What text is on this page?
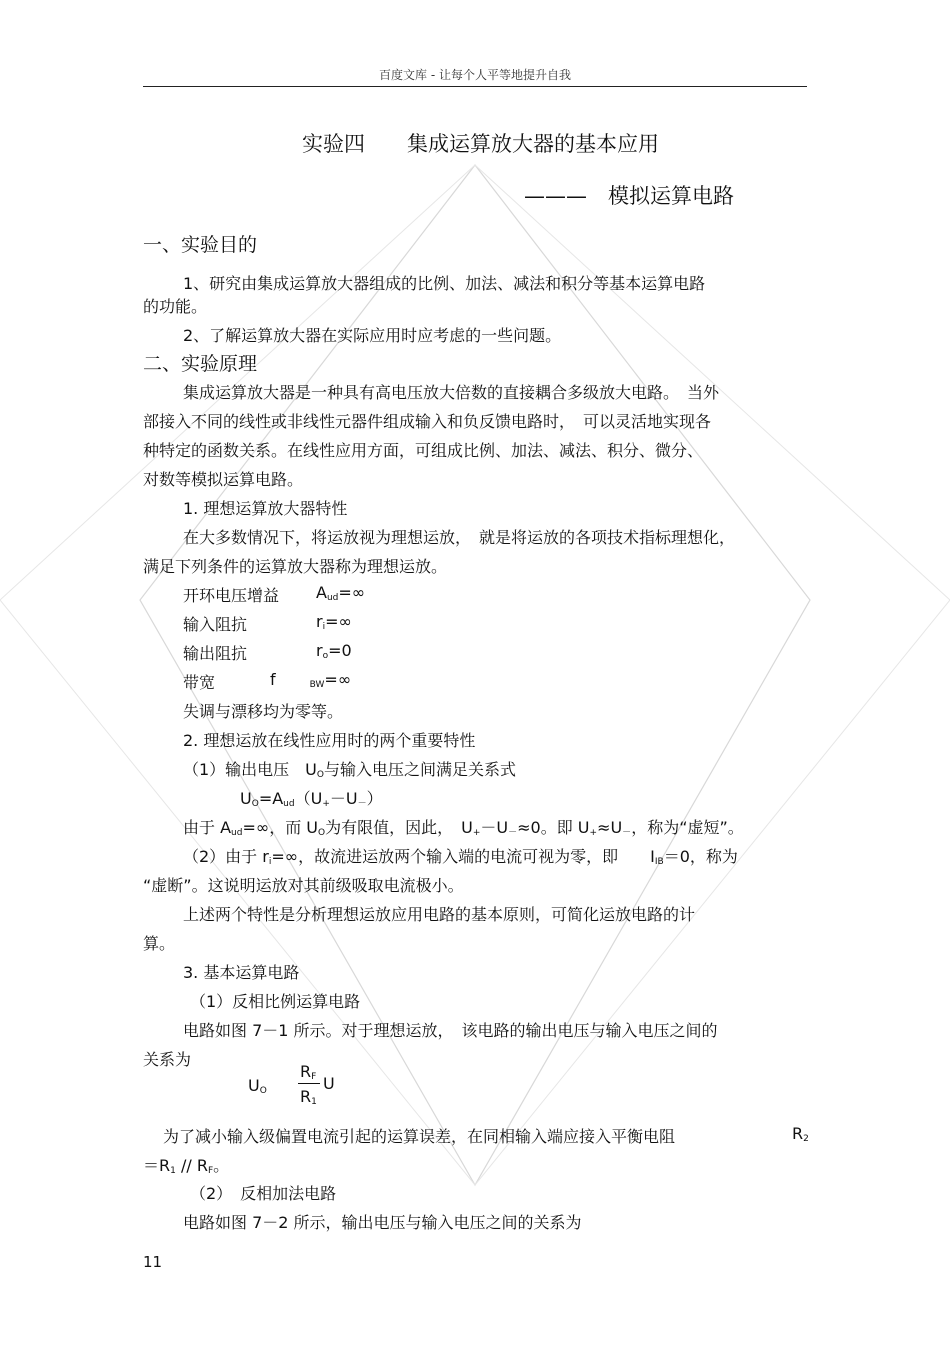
百度文库 - 让每个人平等地提升自我
实验四　　集成运算放大器的基本应用
———　模拟运算电路
一、实验目的
1、研究由集成运算放大器组成的比例、加法、减法和积分等基本运算电路
的功能。
2、了解运算放大器在实际应用时应考虑的一些问题。
二、实验原理
集成运算放大器是一种具有高电压放大倍数的直接耦合多级放大电路。　当外
部接入不同的线性或非线性元器件组成输入和负反馈电路时，　可以灵活地实现各
种特定的函数关系。在线性应用方面，可组成比例、加法、减法、积分、微分、
对数等模拟运算电路。
1. 理想运算放大器特性
在大多数情况下，将运放视为理想运放，　就是将运放的各项技术指标理想化，
满足下列条件的运算放大器称为理想运放。
开环电压增益 $A_{ud}=\infty$
输入阻抗	$r_i=\infty$
输出阻抗	$r_o=0$
带宽	f	$_{BW}$=∞
失调与漂移均为零等。
2. 理想运放在线性应用时的两个重要特性
（1）输出电压　$U_O$与输入电压之间满足关系式
$U_O=A_{ud}(U_+-U_-)$
由于 $A_{ud}=\infty$，而 $U_O$为有限值，因此，　$U_+-U_-\approx 0$。即 $U_+\approx U_-$，称为“虚短”。
（2）由于 $r_i=\infty$，故流进运放两个输入端的电流可视为零，即　　$I_{IB}=0$，称为
“虚断”。这说明运放对其前级吸取电流极小。
上述两个特性是分析理想运放应用电路的基本原则，可简化运放电路的计
算。
3. 基本运算电路
（1）反相比例运算电路
电路如图 7－1 所示。对于理想运放，　该电路的输出电压与输入电压之间的
关系为
$U_O$
$R_F$
$R_1$
U
为了减小输入级偏置电流引起的运算误差，在同相输入端应接入平衡电阻	$R_2$
$=R_1 // R_F$。
（2）　反相加法电路
电路如图 7－2 所示，输出电压与输入电压之间的关系为
11
